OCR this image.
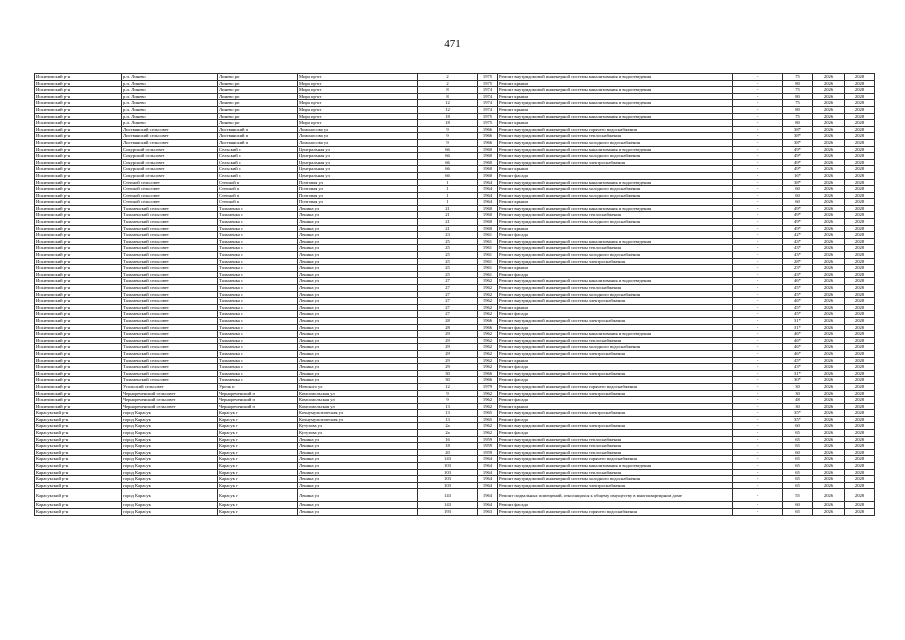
471
Искитимский р-н	р.п. Линево	Линево рп	Мира пр-кт	2	1975	Ремонт внутридомовой инженерной системы канализования и водоотведения	-	75	2026	2028
Искитимский р-н	р.п. Линево	Линево рп	Мира пр-кт	2	1975	Ремонт крыши	-	80	2026	2028
Искитимский р-н	р.п. Линево	Линево рп	Мира пр-кт	8	1974	Ремонт внутридомовой инженерной системы канализования и водоотведения	-	75	2026	2028
Искитимский р-н	р.п. Линево	Линево рп	Мира пр-кт	8	1974	Ремонт крыши	-	80	2026	2028
Искитимский р-н	р.п. Линево	Линево рп	Мира пр-кт	12	1974	Ремонт внутридомовой инженерной системы канализования и водоотведения	-	75	2026	2028
Искитимский р-н	р.п. Линево	Линево рп	Мира пр-кт	12	1974	Ремонт крыши	-	80	2026	2028
Искитимский р-н	р.п. Линево	Линево рп	Мира пр-кт	18	1975	Ремонт внутридомовой инженерной системы канализования и водоотведения	-	75	2026	2028
Искитимский р-н	р.п. Линево	Линево рп	Мира пр-кт	18	1975	Ремонт крыши	-	80	2026	2028
Искитимский р-н	Листвянский сельсовет	Листвянский п	Ломоносова ул	9	1966	Ремонт внутридомовой инженерной системы горячего водоснабжения	-	38*	2026	2028
Искитимский р-н	Листвянский сельсовет	Листвянский п	Ломоносова ул	9	1966	Ремонт внутридомовой инженерной системы теплоснабжения	-	38*	2026	2028
Искитимский р-н	Листвянский сельсовет	Листвянский п	Ломоносова ул	9	1966	Ремонт внутридомовой инженерной системы холодного водоснабжения	-	38*	2026	2028
Искитимский р-н	Сокурский сельсовет	Сельский с	Центральная ул	66	1960	Ремонт внутридомовой инженерной системы канализования и водоотведения	-	49*	2026	2028
Искитимский р-н	Сокурский сельсовет	Сельский с	Центральная ул	66	1960	Ремонт внутридомовой инженерной системы холодного водоснабжения	-	49*	2026	2028
Искитимский р-н	Сокурский сельсовет	Сельский с	Центральная ул	66	1960	Ремонт внутридомовой инженерной системы электроснабжения	-	49*	2026	2028
Искитимский р-н	Сокурский сельсовет	Сельский с	Центральная ул	66	1960	Ремонт крыши	-	49*	2026	2028
Искитимский р-н	Сокурский сельсовет	Сельский с	Центральная ул	66	1960	Ремонт фасада	-	16*	2026	2028
Искитимский р-н	Степной сельсовет	Степной п	Почтовая ул	1	1964	Ремонт внутридомовой инженерной системы канализования и водоотведения	-	38*	2026	2028
Искитимский р-н	Степной сельсовет	Степной п	Почтовая ул	1	1964	Ремонт внутридомовой инженерной системы холодного водоснабжения	-	60	2026	2028
Искитимский р-н	Степной сельсовет	Степной п	Почтовая ул	1	1964	Ремонт внутридомовой инженерной системы холодного водоснабжения	-	60	2026	2028
Искитимский р-н	Степной сельсовет	Степной п	Почтовая ул	1	1964	Ремонт крыши	-	60	2026	2028
Искитимский р-н	Тальменский сельсовет	Тальменка с	Ленина ул	21	1960	Ремонт внутридомовой инженерной системы канализования и водоотведения	-	49*	2026	2028
Искитимский р-н	Тальменский сельсовет	Тальменка с	Ленина ул	21	1960	Ремонт внутридомовой инженерной системы теплоснабжения	-	49*	2026	2028
Искитимский р-н	Тальменский сельсовет	Тальменка с	Ленина ул	21	1960	Ремонт внутридомовой инженерной системы холодного водоснабжения	-	49*	2026	2028
Искитимский р-н	Тальменский сельсовет	Тальменка с	Ленина ул	21	1960	Ремонт крыши	-	49*	2026	2028
Искитимский р-н	Тальменский сельсовет	Тальменка с	Ленина ул	23	1961	Ремонт фасада	-	42*	2026	2028
Искитимский р-н	Тальменский сельсовет	Тальменка с	Ленина ул	25	1961	Ремонт внутридомовой инженерной системы канализования и водоотведения	-	43*	2026	2028
Искитимский р-н	Тальменский сельсовет	Тальменка с	Ленина ул	25	1961	Ремонт внутридомовой инженерной системы теплоснабжения	-	43*	2026	2028
Искитимский р-н	Тальменский сельсовет	Тальменка с	Ленина ул	25	1961	Ремонт внутридомовой инженерной системы холодного водоснабжения	-	43*	2026	2028
Искитимский р-н	Тальменский сельсовет	Тальменка с	Ленина ул	25	1961	Ремонт внутридомовой инженерной системы электроснабжения	-	28*	2026	2028
Искитимский р-н	Тальменский сельсовет	Тальменка с	Ленина ул	25	1961	Ремонт крыши	-	23*	2026	2028
Искитимский р-н	Тальменский сельсовет	Тальменка с	Ленина ул	25	1961	Ремонт фасада	-	43*	2026	2028
Искитимский р-н	Тальменский сельсовет	Тальменка с	Ленина ул	27	1962	Ремонт внутридомовой инженерной системы канализования и водоотведения	-	46*	2026	2028
Искитимский р-н	Тальменский сельсовет	Тальменка с	Ленина ул	27	1962	Ремонт внутридомовой инженерной системы теплоснабжения	-	45*	2026	2028
Искитимский р-н	Тальменский сельсовет	Тальменка с	Ленина ул	27	1962	Ремонт внутридомовой инженерной системы холодного водоснабжения	-	45*	2026	2028
Искитимский р-н	Тальменский сельсовет	Тальменка с	Ленина ул	27	1962	Ремонт внутридомовой инженерной системы электроснабжения	-	46*	2026	2028
Искитимский р-н	Тальменский сельсовет	Тальменка с	Ленина ул	27	1962	Ремонт крыши	-	45*	2026	2028
Искитимский р-н	Тальменский сельсовет	Тальменка с	Ленина ул	27	1962	Ремонт фасада	-	45*	2026	2028
Искитимский р-н	Тальменский сельсовет	Тальменка с	Ленина ул	28	1966	Ремонт внутридомовой инженерной системы электроснабжения	-	31*	2026	2028
Искитимский р-н	Тальменский сельсовет	Тальменка с	Ленина ул	28	1966	Ремонт фасада	-	31*	2026	2028
Искитимский р-н	Тальменский сельсовет	Тальменка с	Ленина ул	29	1962	Ремонт внутридомовой инженерной системы канализования и водоотведения	-	46*	2026	2028
Искитимский р-н	Тальменский сельсовет	Тальменка с	Ленина ул	29	1962	Ремонт внутридомовой инженерной системы теплоснабжения	-	46*	2026	2028
Искитимский р-н	Тальменский сельсовет	Тальменка с	Ленина ул	29	1962	Ремонт внутридомовой инженерной системы холодного водоснабжения	-	46*	2026	2028
Искитимский р-н	Тальменский сельсовет	Тальменка с	Ленина ул	29	1962	Ремонт внутридомовой инженерной системы электроснабжения	-	46*	2026	2028
Искитимский р-н	Тальменский сельсовет	Тальменка с	Ленина ул	29	1962	Ремонт крыши	-	45*	2026	2028
Искитимский р-н	Тальменский сельсовет	Тальменка с	Ленина ул	29	1962	Ремонт фасада	-	43*	2026	2028
Искитимский р-н	Тальменский сельсовет	Тальменка с	Ленина ул	30	1966	Ремонт внутридомовой инженерной системы электроснабжения	-	31*	2026	2028
Искитимский р-н	Тальменский сельсовет	Тальменка с	Ленина ул	30	1966	Ремонт фасада	-	30*	2026	2028
Искитимский р-н	Усольский сельсовет	Урочк п	Невского ул	12	1979	Ремонт внутридомовой инженерной системы горячего водоснабжения	-	30	2026	2028
Искитимский р-н	Чернореченский сельсовет	Чернореченский п	Комсомольская ул	9	1962	Ремонт внутридомовой инженерной системы электроснабжения	-	30	2026	2028
Искитимский р-н	Чернореченский сельсовет	Чернореченский п	Комсомольская ул	9	1962	Ремонт фасада	-	48	2026	2028
Искитимский р-н	Чернореченский сельсовет	Чернореченский п	Комсомольская ул	13	1962	Ремонт крыши	-	30	2026	2028
Карасукский р-н	город Карасук	Карасук г	Кочнумультическая ул	13	1965	Ремонт внутридомовой инженерной системы электроснабжения	-	35*	2026	2028
Карасукский р-н	город Карасук	Карасук г	Кочнумультическая ул	13	1965	Ремонт фасада	-	35*	2026	2028
Карасукский р-н	город Карасук	Карасук г	Кутузова ул	2а	1962	Ремонт внутридомовой инженерной системы электроснабжения	-	60	2026	2028
Карасукский р-н	город Карасук	Карасук г	Кутузова ул	2а	1962	Ремонт фасада	-	65	2026	2028
Карасукский р-н	город Карасук	Карасук г	Ленина ул	16	1959	Ремонт внутридомовой инженерной системы теплоснабжения	-	65	2026	2028
Карасукский р-н	город Карасук	Карасук г	Ленина ул	18	1959	Ремонт внутридомовой инженерной системы теплоснабжения	-	65	2026	2028
Карасукский р-н	город Карасук	Карасук г	Ленина ул	20	1959	Ремонт внутридомовой инженерной системы теплоснабжения	-	60	2026	2028
Карасукский р-н	город Карасук	Карасук г	Ленина ул	143	1964	Ремонт внутридомовой инженерной системы горячего водоснабжения	-	65	2026	2028
Карасукский р-н	город Карасук	Карасук г	Ленина ул	103	1964	Ремонт внутридомовой инженерной системы канализования и водоотведения	-	65	2026	2028
Карасукский р-н	город Карасук	Карасук г	Ленина ул	103	1964	Ремонт внутридомовой инженерной системы теплоснабжения	-	65	2026	2028
Карасукский р-н	город Карасук	Карасук г	Ленина ул	103	1964	Ремонт внутридомовой инженерной системы холодного водоснабжения	-	65	2026	2028
Карасукский р-н	город Карасук	Карасук г	Ленина ул	103	1964	Ремонт внутридомовой инженерной системы электроснабжения	-	65	2026	2028
Карасукский р-н	город Карасук	Карасук г	Ленина ул	143	1964	Ремонт подвальных помещений, относящихся к общему имуществу в многоквартирном доме	-	55	2026	2028
Карасукский р-н	город Карасук	Карасук г	Ленина ул	143	1964	Ремонт фасада	-	60	2026	2028
Карасукский р-н	город Карасук	Карасук г	Ленина ул	193	1963	Ремонт внутридомовой инженерной системы горячего водоснабжения	-	65	2026	2028
